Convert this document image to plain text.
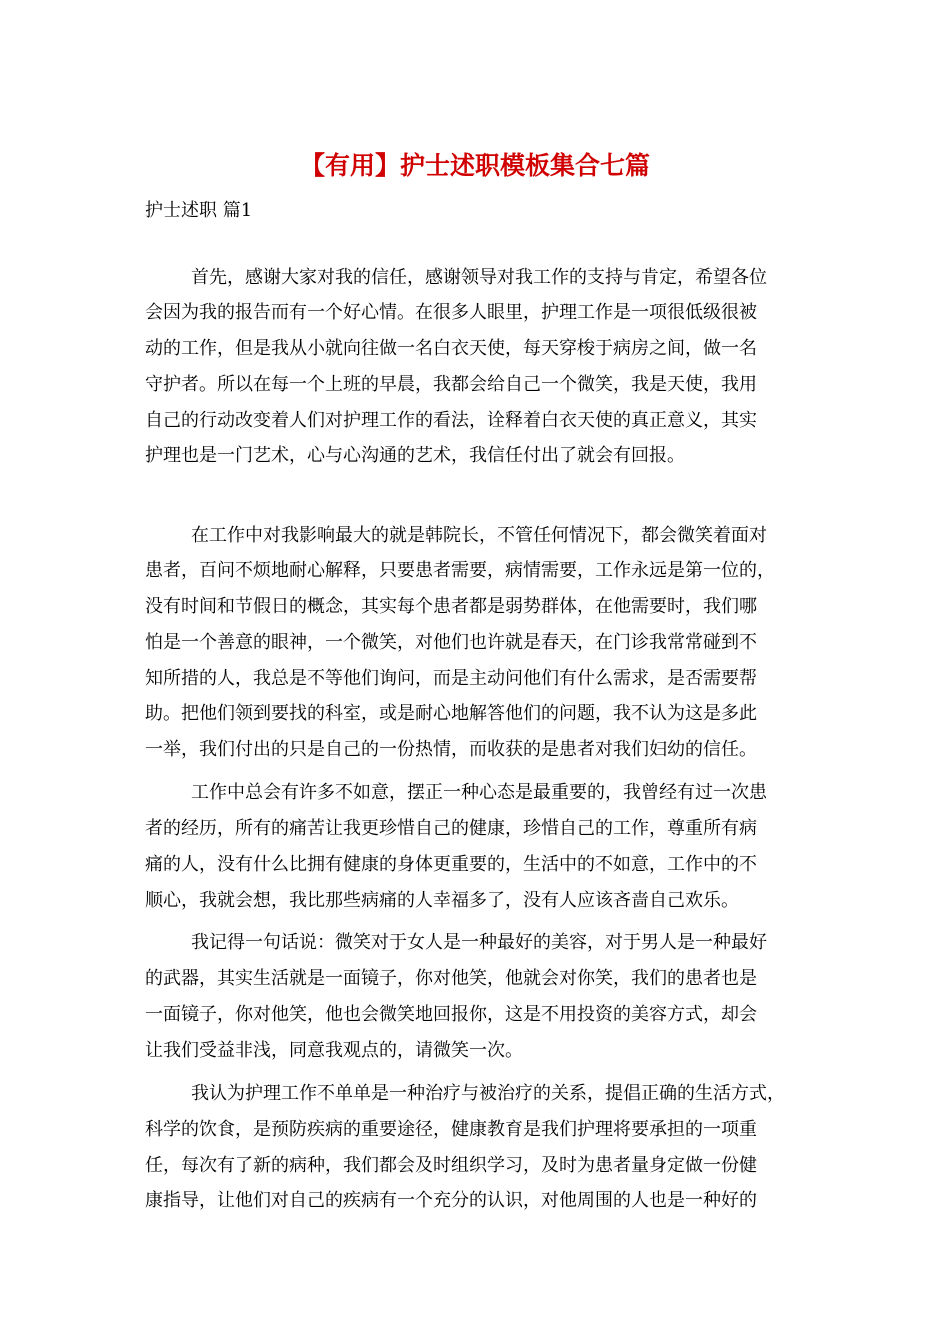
【有用】护士述职模板集合七篇
护士述职 篇1
首先，感谢大家对我的信任，感谢领导对我工作的支持与肯定，希望各位
会因为我的报告而有一个好心情。在很多人眼里，护理工作是一项很低级很被
动的工作，但是我从小就向往做一名白衣天使，每天穿梭于病房之间，做一名
守护者。所以在每一个上班的早晨，我都会给自己一个微笑，我是天使，我用
自己的行动改变着人们对护理工作的看法，诠释着白衣天使的真正意义，其实
护理也是一门艺术，心与心沟通的艺术，我信任付出了就会有回报。
在工作中对我影响最大的就是韩院长，不管任何情况下，都会微笑着面对
患者，百问不烦地耐心解释，只要患者需要，病情需要，工作永远是第一位的，
没有时间和节假日的概念，其实每个患者都是弱势群体，在他需要时，我们哪
怕是一个善意的眼神，一个微笑，对他们也许就是春天，在门诊我常常碰到不
知所措的人，我总是不等他们询问，而是主动问他们有什么需求，是否需要帮
助。把他们领到要找的科室，或是耐心地解答他们的问题，我不认为这是多此
一举，我们付出的只是自己的一份热情，而收获的是患者对我们妇幼的信任。
工作中总会有许多不如意，摆正一种心态是最重要的，我曾经有过一次患
者的经历，所有的痛苦让我更珍惜自己的健康，珍惜自己的工作，尊重所有病
痛的人，没有什么比拥有健康的身体更重要的，生活中的不如意，工作中的不
顺心，我就会想，我比那些病痛的人幸福多了，没有人应该吝啬自己欢乐。
我记得一句话说：微笑对于女人是一种最好的美容，对于男人是一种最好
的武器，其实生活就是一面镜子，你对他笑，他就会对你笑，我们的患者也是
一面镜子，你对他笑，他也会微笑地回报你，这是不用投资的美容方式，却会
让我们受益非浅，同意我观点的，请微笑一次。
我认为护理工作不单单是一种治疗与被治疗的关系，提倡正确的生活方式，
科学的饮食，是预防疾病的重要途径，健康教育是我们护理将要承担的一项重
任，每次有了新的病种，我们都会及时组织学习，及时为患者量身定做一份健
康指导，让他们对自己的疾病有一个充分的认识，对他周围的人也是一种好的
